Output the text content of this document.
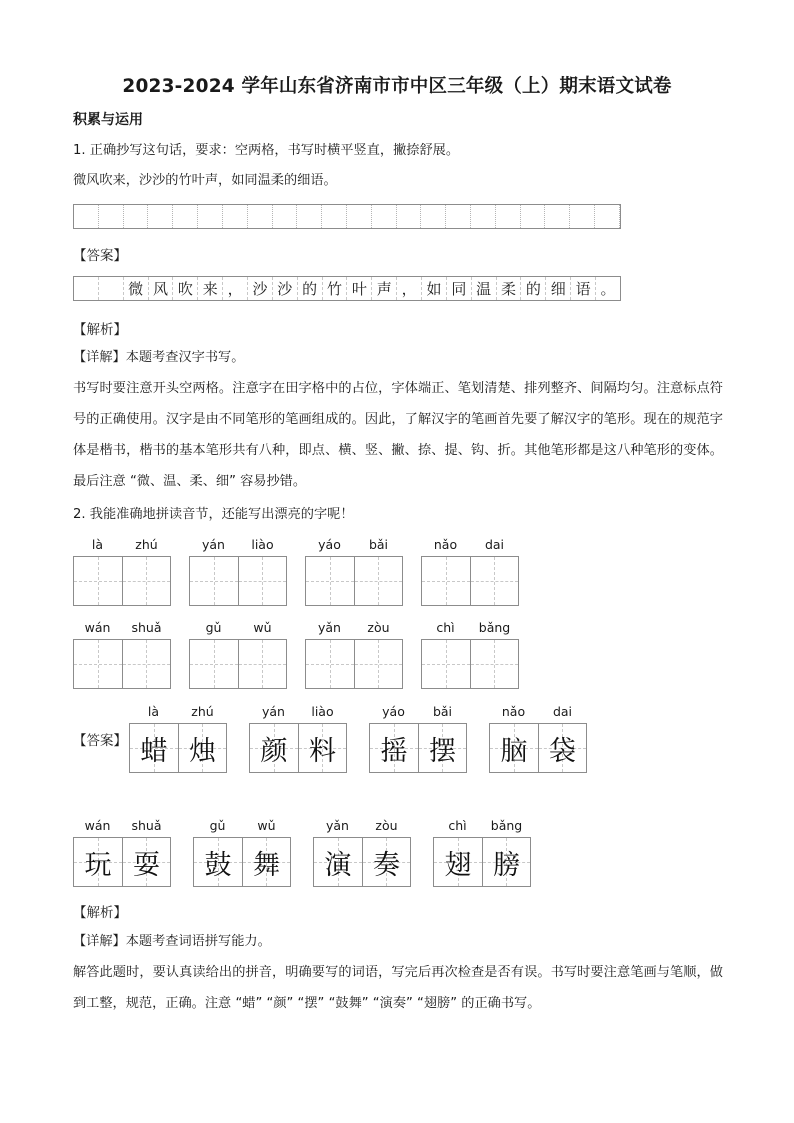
2023-2024 学年山东省济南市市中区三年级（上）期末语文试卷
积累与运用
1. 正确抄写这句话，要求：空两格，书写时横平竖直，撇捺舒展。
微风吹来，沙沙的竹叶声，如同温柔的细语。
【答案】
微 风 吹 来 ， 沙 沙 的 竹 叶 声 ， 如 同 温 柔 的 细 语 。
【解析】
【详解】本题考查汉字书写。
书写时要注意开头空两格。注意字在田字格中的占位，字体端正、笔划清楚、排列整齐、间隔均匀。注意标点符号的正确使用。汉字是由不同笔形的笔画组成的。因此，了解汉字的笔画首先要了解汉字的笔形。现在的规范字体是楷书，楷书的基本笔形共有八种，即点、横、竖、撇、捺、提、钩、折。其他笔形都是这八种笔形的变体。最后注意 “微、温、柔、细” 容易抄错。
2. 我能准确地拼读音节，还能写出漂亮的字呢！
là	zhú	yán	liào	yáo	bǎi	nǎo	dai
wán	shuǎ	gǔ	wǔ	yǎn	zòu	chì	bǎng
【答案】
là	zhú
蜡 烛
yán	liào
颜 料
yáo	bǎi
摇 摆
nǎo	dai
脑 袋
wán	shuǎ
玩 耍
gǔ	wǔ
鼓 舞
yǎn	zòu
演 奏
chì	bǎng
翅 膀
【解析】
【详解】本题考查词语拼写能力。
解答此题时，要认真读给出的拼音，明确要写的词语，写完后再次检查是否有误。书写时要注意笔画与笔顺，做到工整，规范，正确。注意 “蜡” “颜” “摆” “鼓舞” “演奏” “翅膀” 的正确书写。
